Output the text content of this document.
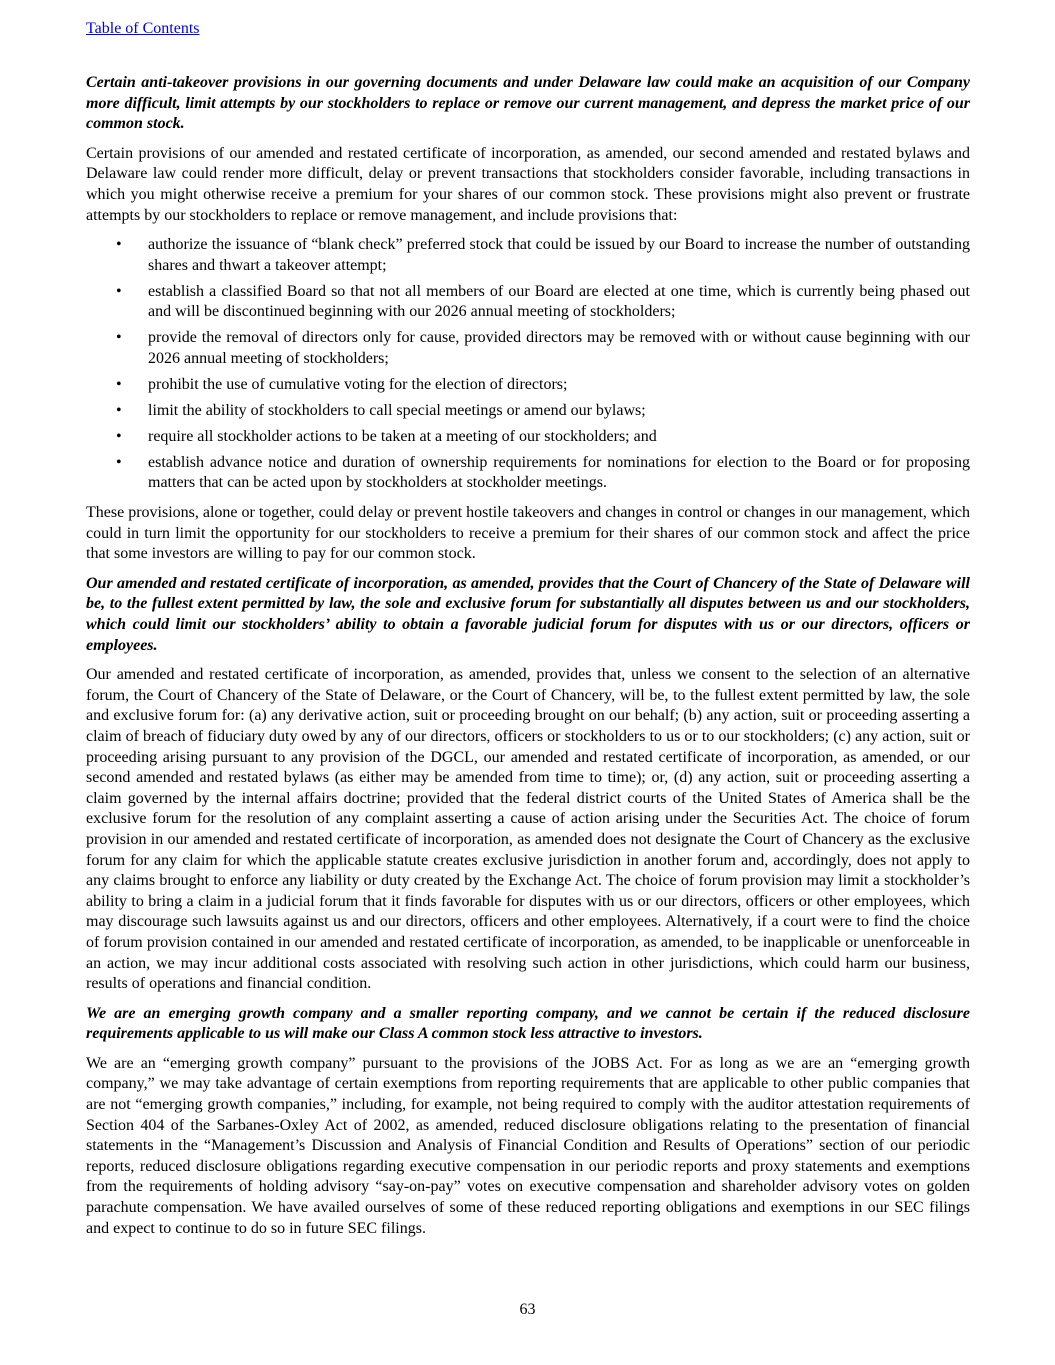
Table of Contents

Certain anti-takeover provisions in our governing documents and under Delaware law could make an acquisition of our Company more difficult, limit attempts by our stockholders to replace or remove our current management, and depress the market price of our common stock.

Certain provisions of our amended and restated certificate of incorporation, as amended, our second amended and restated bylaws and Delaware law could render more difficult, delay or prevent transactions that stockholders consider favorable, including transactions in which you might otherwise receive a premium for your shares of our common stock. These provisions might also prevent or frustrate attempts by our stockholders to replace or remove management, and include provisions that:

• authorize the issuance of “blank check” preferred stock that could be issued by our Board to increase the number of outstanding shares and thwart a takeover attempt;
• establish a classified Board so that not all members of our Board are elected at one time, which is currently being phased out and will be discontinued beginning with our 2026 annual meeting of stockholders;
• provide the removal of directors only for cause, provided directors may be removed with or without cause beginning with our 2026 annual meeting of stockholders;
• prohibit the use of cumulative voting for the election of directors;
• limit the ability of stockholders to call special meetings or amend our bylaws;
• require all stockholder actions to be taken at a meeting of our stockholders; and
• establish advance notice and duration of ownership requirements for nominations for election to the Board or for proposing matters that can be acted upon by stockholders at stockholder meetings.

These provisions, alone or together, could delay or prevent hostile takeovers and changes in control or changes in our management, which could in turn limit the opportunity for our stockholders to receive a premium for their shares of our common stock and affect the price that some investors are willing to pay for our common stock.

Our amended and restated certificate of incorporation, as amended, provides that the Court of Chancery of the State of Delaware will be, to the fullest extent permitted by law, the sole and exclusive forum for substantially all disputes between us and our stockholders, which could limit our stockholders’ ability to obtain a favorable judicial forum for disputes with us or our directors, officers or employees.

Our amended and restated certificate of incorporation, as amended, provides that, unless we consent to the selection of an alternative forum, the Court of Chancery of the State of Delaware, or the Court of Chancery, will be, to the fullest extent permitted by law, the sole and exclusive forum for: (a) any derivative action, suit or proceeding brought on our behalf; (b) any action, suit or proceeding asserting a claim of breach of fiduciary duty owed by any of our directors, officers or stockholders to us or to our stockholders; (c) any action, suit or proceeding arising pursuant to any provision of the DGCL, our amended and restated certificate of incorporation, as amended, or our second amended and restated bylaws (as either may be amended from time to time); or, (d) any action, suit or proceeding asserting a claim governed by the internal affairs doctrine; provided that the federal district courts of the United States of America shall be the exclusive forum for the resolution of any complaint asserting a cause of action arising under the Securities Act. The choice of forum provision in our amended and restated certificate of incorporation, as amended does not designate the Court of Chancery as the exclusive forum for any claim for which the applicable statute creates exclusive jurisdiction in another forum and, accordingly, does not apply to any claims brought to enforce any liability or duty created by the Exchange Act. The choice of forum provision may limit a stockholder’s ability to bring a claim in a judicial forum that it finds favorable for disputes with us or our directors, officers or other employees, which may discourage such lawsuits against us and our directors, officers and other employees. Alternatively, if a court were to find the choice of forum provision contained in our amended and restated certificate of incorporation, as amended, to be inapplicable or unenforceable in an action, we may incur additional costs associated with resolving such action in other jurisdictions, which could harm our business, results of operations and financial condition.

We are an emerging growth company and a smaller reporting company, and we cannot be certain if the reduced disclosure requirements applicable to us will make our Class A common stock less attractive to investors.

We are an “emerging growth company” pursuant to the provisions of the JOBS Act. For as long as we are an “emerging growth company,” we may take advantage of certain exemptions from reporting requirements that are applicable to other public companies that are not “emerging growth companies,” including, for example, not being required to comply with the auditor attestation requirements of Section 404 of the Sarbanes-Oxley Act of 2002, as amended, reduced disclosure obligations relating to the presentation of financial statements in the “Management’s Discussion and Analysis of Financial Condition and Results of Operations” section of our periodic reports, reduced disclosure obligations regarding executive compensation in our periodic reports and proxy statements and exemptions from the requirements of holding advisory “say-on-pay” votes on executive compensation and shareholder advisory votes on golden parachute compensation. We have availed ourselves of some of these reduced reporting obligations and exemptions in our SEC filings and expect to continue to do so in future SEC filings.

63
